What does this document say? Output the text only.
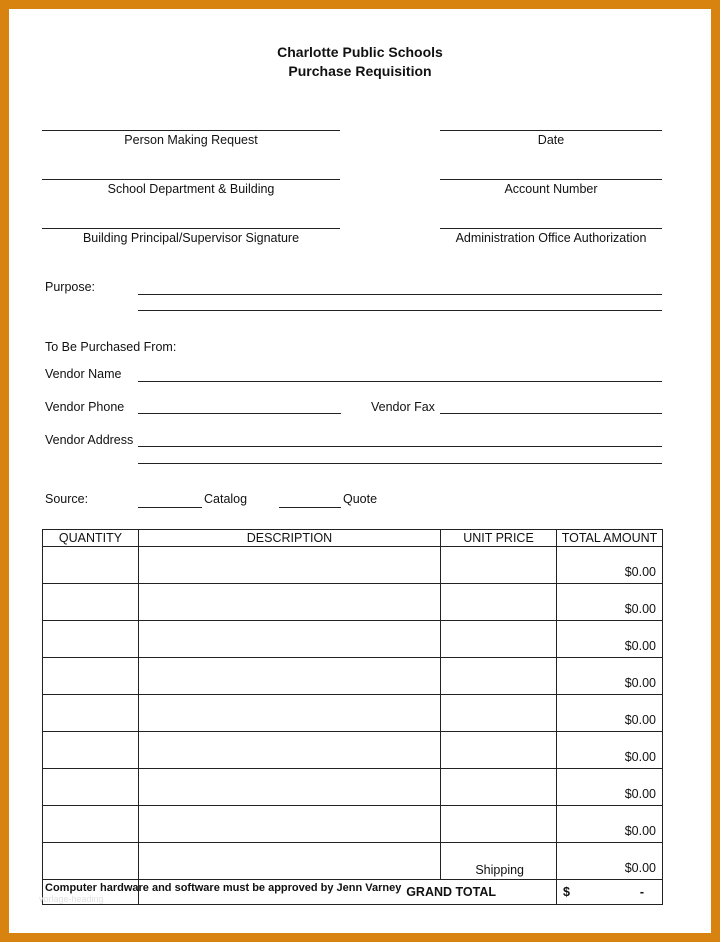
Charlotte Public Schools
Purchase Requisition
Person Making Request	Date
School Department & Building	Account Number
Building Principal/Supervisor Signature	Administration Office Authorization
Purpose:
To Be Purchased From:
Vendor Name
Vendor Phone	Vendor Fax
Vendor Address
Source:	Catalog	Quote
QUANTITY	DESCRIPTION	UNIT PRICE	TOTAL AMOUNT
			$0.00
			$0.00
			$0.00
			$0.00
			$0.00
			$0.00
			$0.00
			$0.00
		Shipping	$0.00
	GRAND TOTAL		$ -
Computer hardware and software must be approved by Jenn Varney
vorlage-heading
